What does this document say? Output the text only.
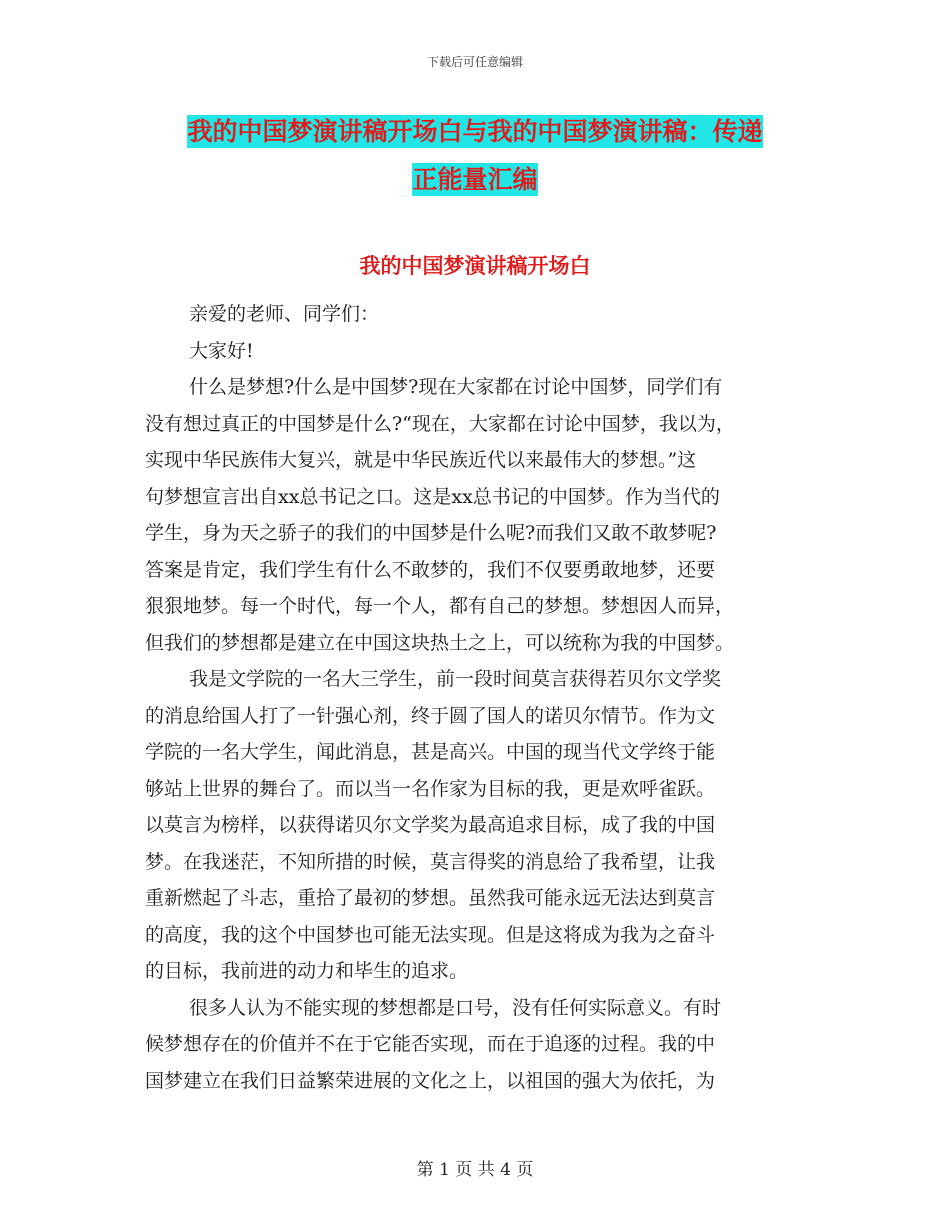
下载后可任意编辑
我的中国梦演讲稿开场白与我的中国梦演讲稿：传递
正能量汇编
我的中国梦演讲稿开场白
亲爱的老师、同学们：
大家好!
什么是梦想?什么是中国梦?现在大家都在讨论中国梦，同学们有
没有想过真正的中国梦是什么?“现在，大家都在讨论中国梦，我以为，
实现中华民族伟大复兴，就是中华民族近代以来最伟大的梦想。”这
句梦想宣言出自xx总书记之口。这是xx总书记的中国梦。作为当代的
学生，身为天之骄子的我们的中国梦是什么呢?而我们又敢不敢梦呢?
答案是肯定，我们学生有什么不敢梦的，我们不仅要勇敢地梦，还要
狠狠地梦。每一个时代，每一个人，都有自己的梦想。梦想因人而异，
但我们的梦想都是建立在中国这块热土之上，可以统称为我的中国梦。
我是文学院的一名大三学生，前一段时间莫言获得若贝尔文学奖
的消息给国人打了一针强心剂，终于圆了国人的诺贝尔情节。作为文
学院的一名大学生，闻此消息，甚是高兴。中国的现当代文学终于能
够站上世界的舞台了。而以当一名作家为目标的我，更是欢呼雀跃。
以莫言为榜样，以获得诺贝尔文学奖为最高追求目标，成了我的中国
梦。在我迷茫，不知所措的时候，莫言得奖的消息给了我希望，让我
重新燃起了斗志，重拾了最初的梦想。虽然我可能永远无法达到莫言
的高度，我的这个中国梦也可能无法实现。但是这将成为我为之奋斗
的目标，我前进的动力和毕生的追求。
很多人认为不能实现的梦想都是口号，没有任何实际意义。有时
候梦想存在的价值并不在于它能否实现，而在于追逐的过程。我的中
国梦建立在我们日益繁荣进展的文化之上，以祖国的强大为依托，为
第 1 页 共 4 页
